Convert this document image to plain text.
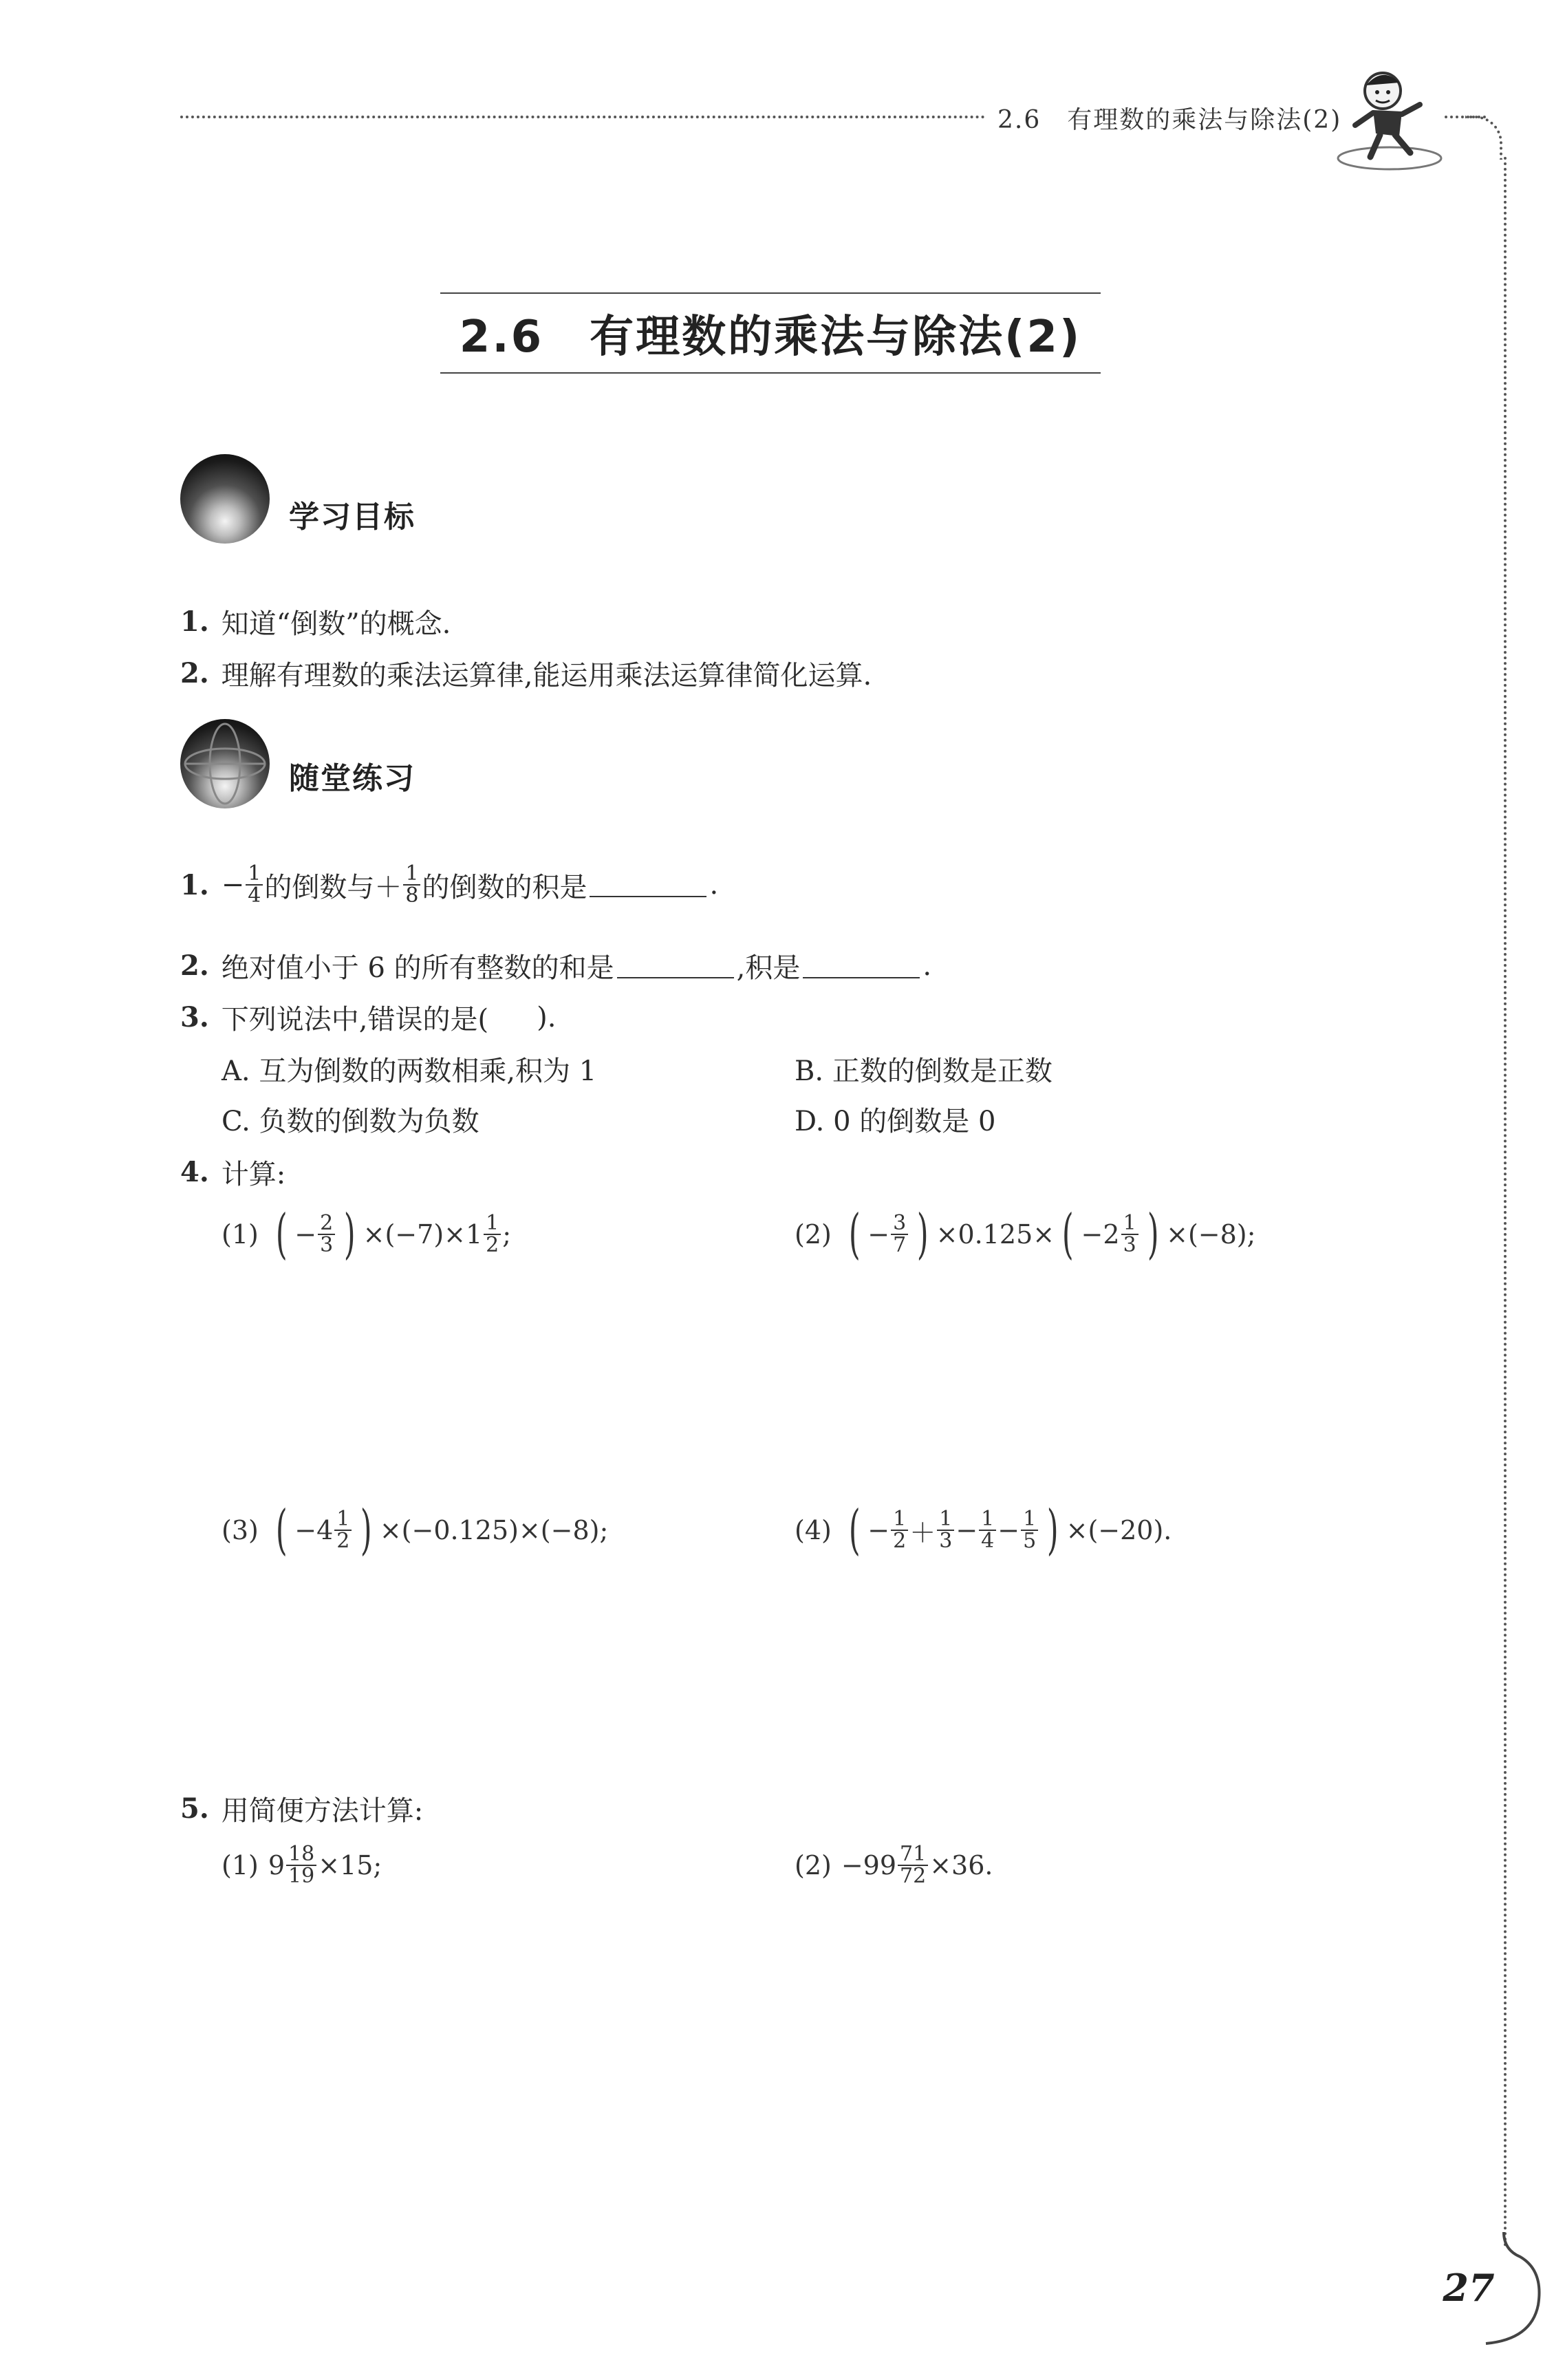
2.6　有理数的乘法与除法(2)
2.6　有理数的乘法与除法(2)
学习目标
1. 知道“倒数”的概念.
2. 理解有理数的乘法运算律,能运用乘法运算律简化运算.
随堂练习
1. − $\frac{1}{4}$ 的倒数与＋ $\frac{1}{8}$ 的倒数的积是	.
2. 绝对值小于 6 的所有整数的和是	,积是	.
3. 下列说法中,错误的是( ).
A. 互为倒数的两数相乘,积为 1	B. 正数的倒数是正数
C. 负数的倒数为负数	D. 0 的倒数是 0
4. 计算:
(1) ( − $\frac{2}{3}$ ) $\times(-7)\times 1 \frac{1}{2}$ ;	(2) ( − $\frac{3}{7}$ ) ×0.125× ( $-2 \frac{1}{3}$ ) ×(−8);
(3) ( $-4 \frac{1}{2}$ ) ×(−0.125)×(−8);	(4) ( − $\frac{1}{2} + \frac{1}{3} - \frac{1}{4} - \frac{1}{5}$ ) ×(−20).
5. 用简便方法计算:
(1) $9 \frac{18}{19} \times 15$;	$(2) -99 \frac{71}{72} \times 36$.
27
